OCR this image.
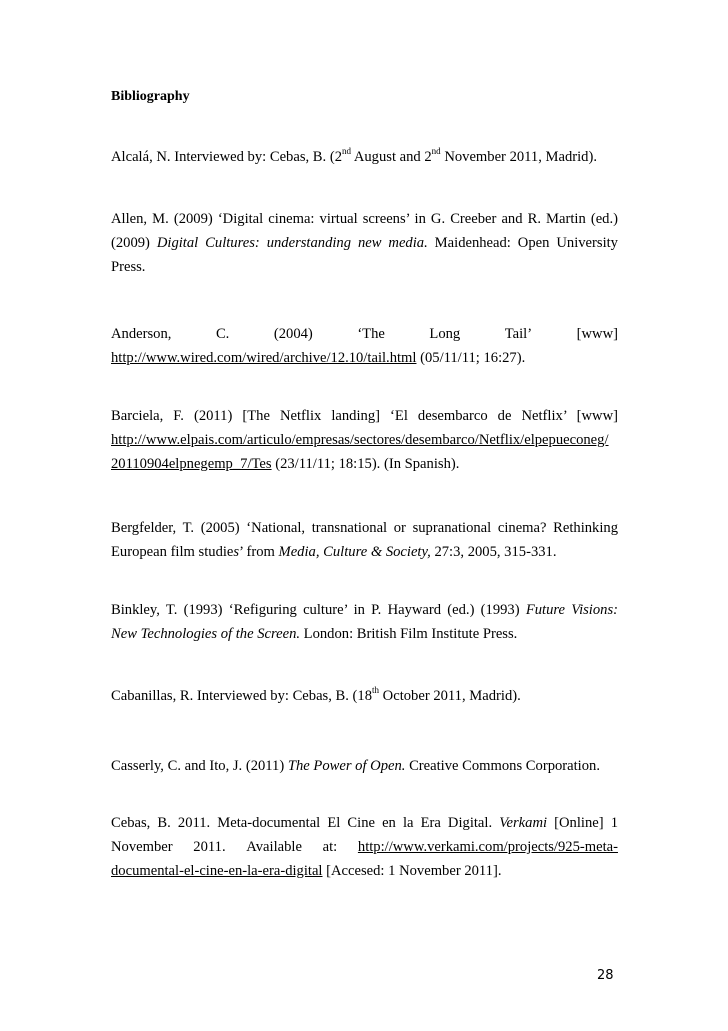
Bibliography

Alcalá, N. Interviewed by: Cebas, B. (2nd August and 2nd November 2011, Madrid).

Allen, M. (2009) ‘Digital cinema: virtual screens’ in G. Creeber and R. Martin (ed.) (2009) Digital Cultures: understanding new media. Maidenhead: Open University Press.

Anderson,	C.	(2004)	‘The	Long	Tail’	[www]
http://www.wired.com/wired/archive/12.10/tail.html (05/11/11; 16:27).
Barciela, F. (2011) [The Netflix landing] ‘El desembarco de Netflix’ [www]
http://www.elpais.com/articulo/empresas/sectores/desembarco/Netflix/elpepueconeg/
20110904elpnegemp_7/Tes (23/11/11; 18:15). (In Spanish).

Bergfelder, T. (2005) ‘National, transnational or supranational cinema? Rethinking European film studies’ from Media, Culture & Society, 27:3, 2005, 315-331.

Binkley, T. (1993) ‘Refiguring culture’ in P. Hayward (ed.) (1993) Future Visions: New Technologies of the Screen. London: British Film Institute Press.

Cabanillas, R. Interviewed by: Cebas, B. (18th October 2011, Madrid).

Casserly, C. and Ito, J. (2011) The Power of Open. Creative Commons Corporation.

Cebas, B. 2011. Meta-documental El Cine en la Era Digital. Verkami [Online] 1
November 2011. Available at: http://www.verkami.com/projects/925-meta-
documental-el-cine-en-la-era-digital [Accesed: 1 November 2011].
28
